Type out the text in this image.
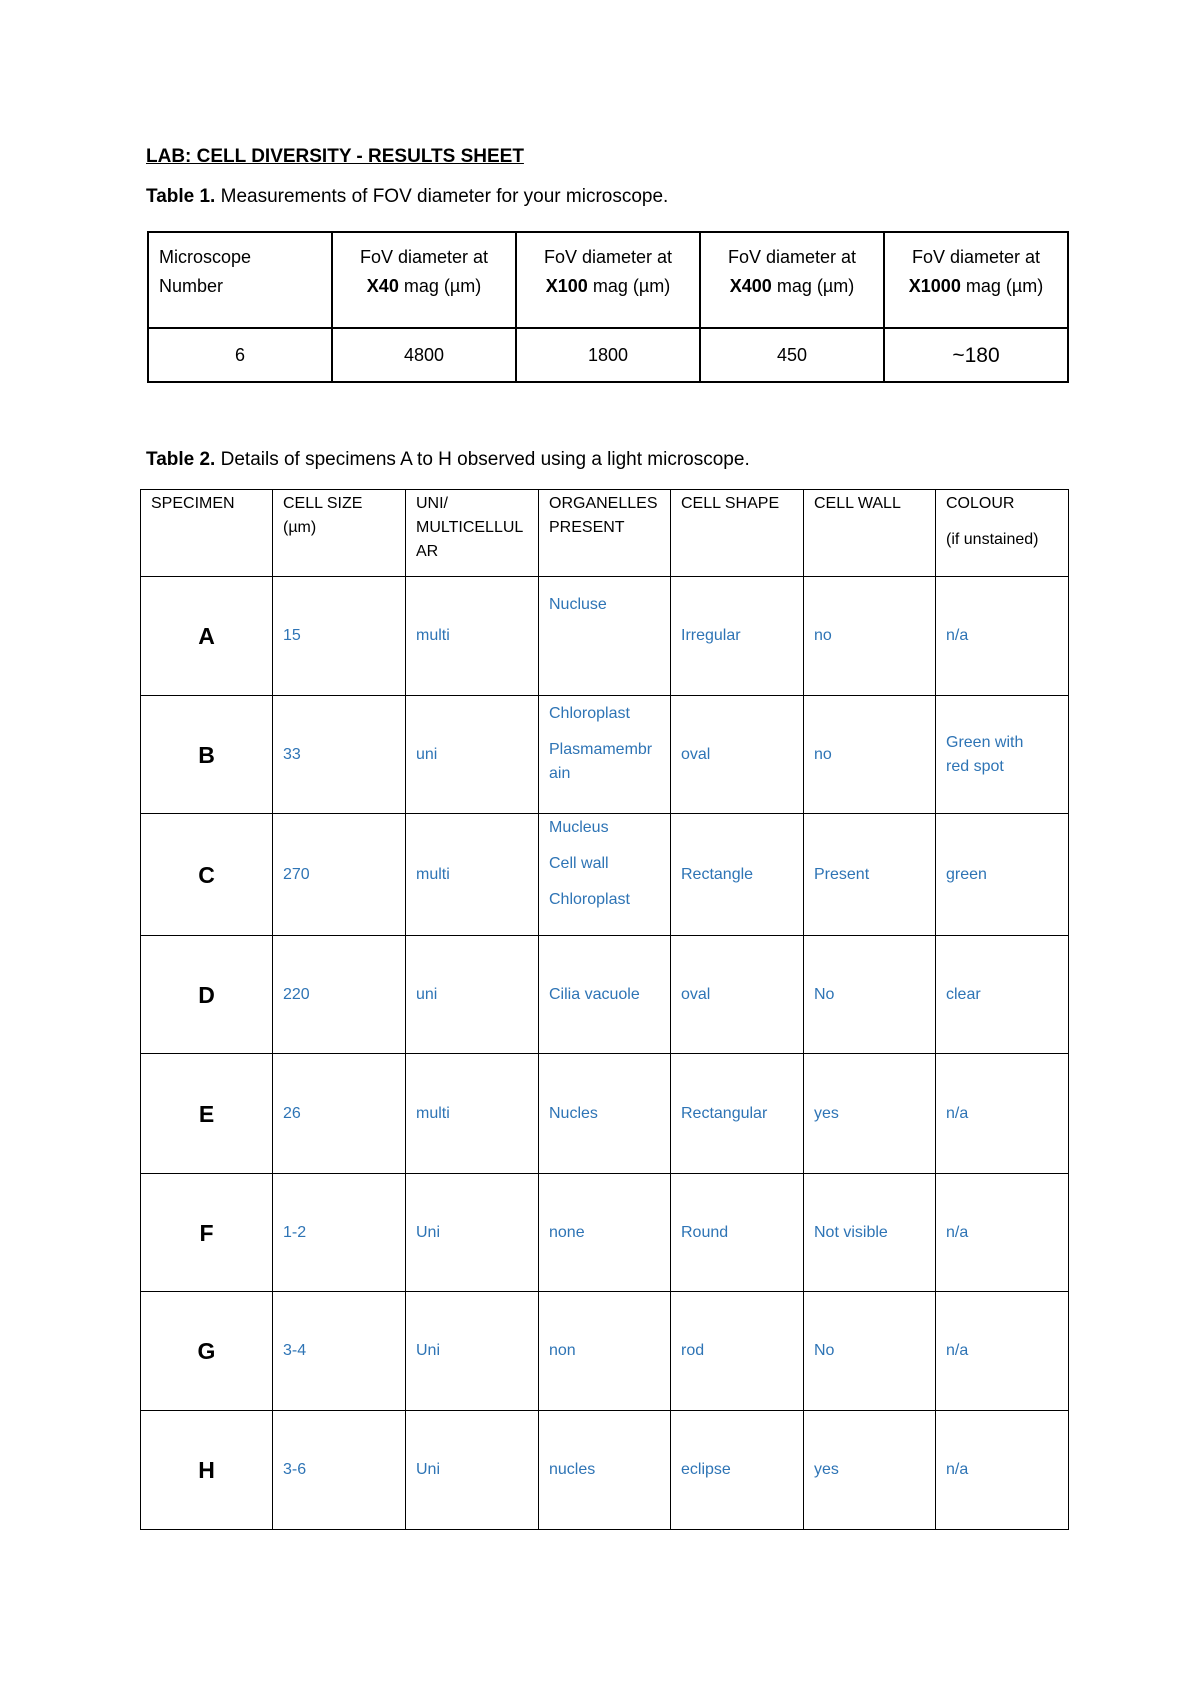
LAB: CELL DIVERSITY - RESULTS SHEET
Table 1. Measurements of FOV diameter for your microscope.
Microscope
Number	FoV diameter at
X40 mag (µm)	FoV diameter at
X100 mag (µm)	FoV diameter at
X400 mag (µm)	FoV diameter at
X1000 mag (µm)
6	4800	1800	450	~180
Table 2. Details of specimens A to H observed using a light microscope.
SPECIMEN	CELL SIZE (µm)	UNI/
MULTICELLUL
AR	ORGANELLES
PRESENT	CELL SHAPE	CELL WALL	COLOUR
(if unstained)
A	15	multi	Nucluse	Irregular	no	n/a
B	33	uni	Chloroplast
Plasmamembr
ain	oval	no	Green with
red spot
C	270	multi	Mucleus
Cell wall
Chloroplast	Rectangle	Present	green
D	220	uni	Cilia vacuole	oval	No	clear
E	26	multi	Nucles	Rectangular	yes	n/a
F	1-2	Uni	none	Round	Not visible	n/a
G	3-4	Uni	non	rod	No	n/a
H	3-6	Uni	nucles	eclipse	yes	n/a
